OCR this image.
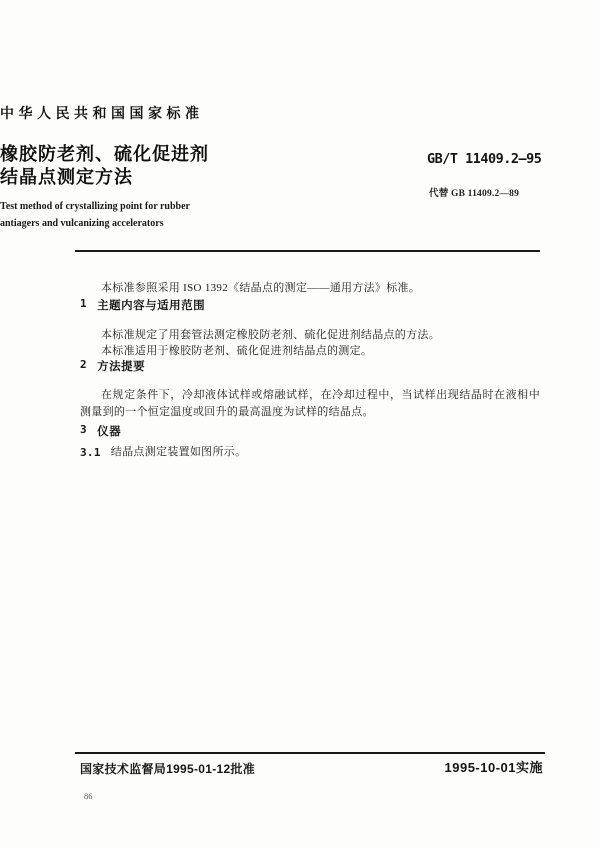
中华人民共和国国家标准
橡胶防老剂、硫化促进剂
结晶点测定方法
Test method of crystallizing point for rubber
antiagers and vulcanizing accelerators
GB/T 11409.2—95
代替 GB 11409.2—89

本标准参照采用 ISO 1392《结晶点的测定——通用方法》标准。

1 主题内容与适用范围

本标准规定了用套管法测定橡胶防老剂、硫化促进剂结晶点的方法。

本标准适用于橡胶防老剂、硫化促进剂结晶点的测定。

2 方法提要

在规定条件下，冷却液体试样或熔融试样，在冷却过程中，当试样出现结晶时在液相中测量到的一个恒定温度或回升的最高温度为试样的结晶点。

3 仪器
3.1 结晶点测定装置如图所示。
国家技术监督局1995-01-12批准	1995-10-01实施
86
